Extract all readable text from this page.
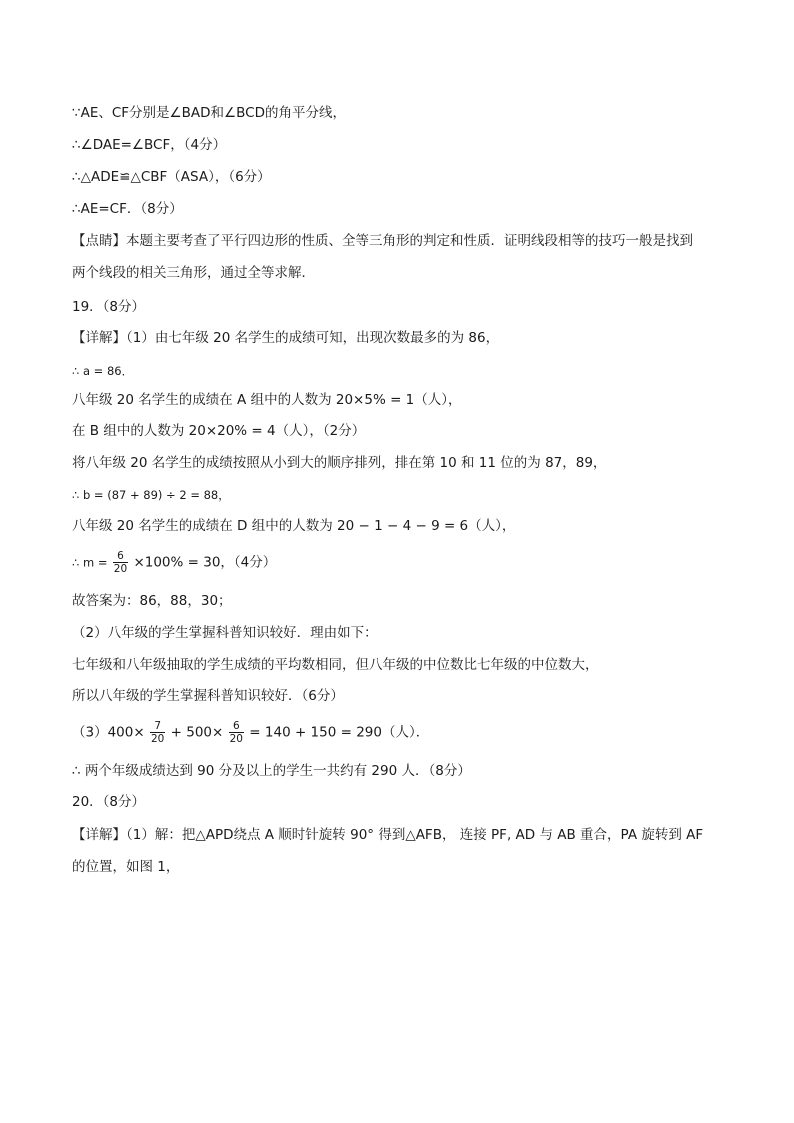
∵AE、CF分别是∠BAD和∠BCD的角平分线，
∴∠DAE=∠BCF，（4分）
∴△ADE≌△CBF（ASA），（6分）
∴AE=CF．（8分）
【点睛】本题主要考查了平行四边形的性质、全等三角形的判定和性质．证明线段相等的技巧一般是找到
两个线段的相关三角形，通过全等求解．
19．（8分）
【详解】（1）由七年级 20 名学生的成绩可知，出现次数最多的为 86，
∴ a = 86．
八年级 20 名学生的成绩在 A 组中的人数为 20×5% = 1（人），
在 B 组中的人数为 20×20% = 4（人），（2分）
将八年级 20 名学生的成绩按照从小到大的顺序排列，排在第 10 和 11 位的为 87，89，
∴ b = (87 + 89) ÷ 2 = 88，
八年级 20 名学生的成绩在 D 组中的人数为 20 − 1 − 4 − 9 = 6（人），
∴ $m = \frac{6}{20} \times 100\% = 30$，（4分）
故答案为：86，88，30；
（2）八年级的学生掌握科普知识较好．理由如下：
七年级和八年级抽取的学生成绩的平均数相同，但八年级的中位数比七年级的中位数大，
所以八年级的学生掌握科普知识较好．（6分）
$(3)400\times \frac{7}{20} + 500\times \frac{6}{20} = 140 + 150 = 290$（人）．
∴ 两个年级成绩达到 90 分及以上的学生一共约有 290 人．（8分）
20．（8分）
【详解】（1）解：把△APD绕点 A 顺时针旋转 90° 得到△AFB， 连接 PF, AD 与 AB 重合，PA 旋转到 AF
的位置，如图 1，
